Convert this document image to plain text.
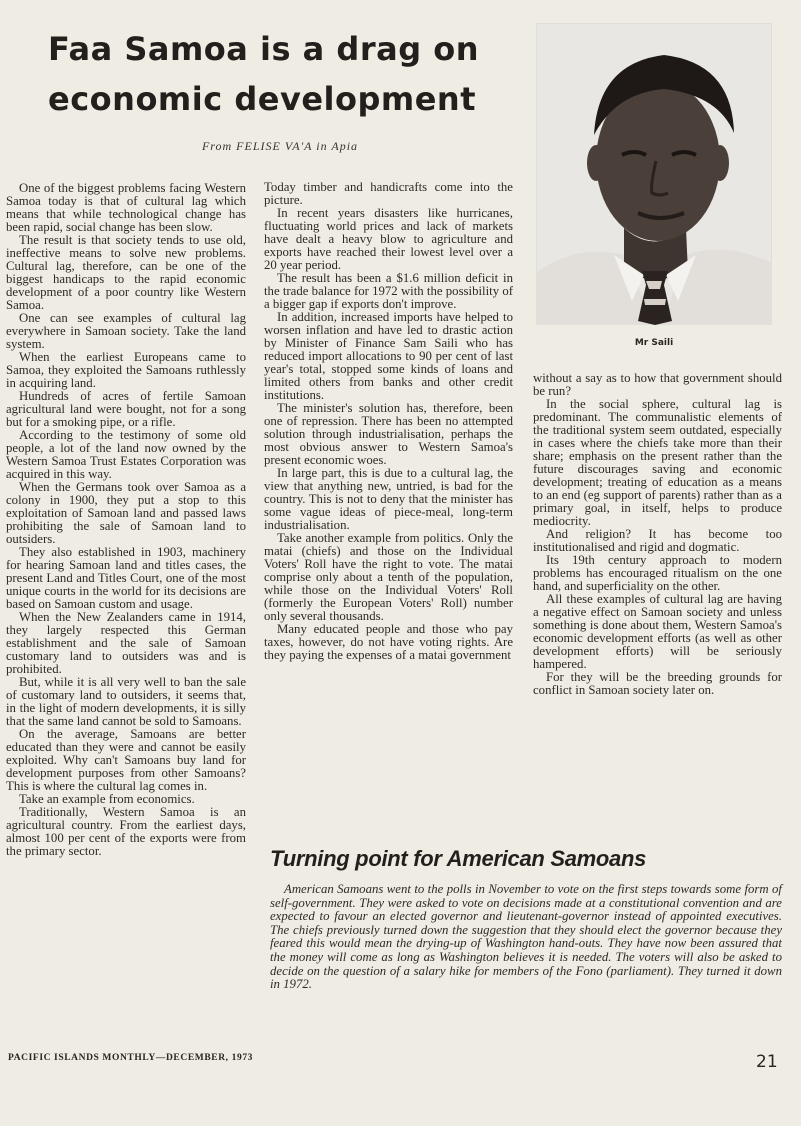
Faa Samoa is a drag on economic development
From FELISE VA'A in Apia

One of the biggest problems facing Western Samoa today is that of cultural lag which means that while technological change has been rapid, social change has been slow.

The result is that society tends to use old, ineffective means to solve new problems. Cultural lag, therefore, can be one of the biggest handicaps to the rapid economic development of a poor country like Western Samoa.

One can see examples of cultural lag everywhere in Samoan society. Take the land system.

When the earliest Europeans came to Samoa, they exploited the Samoans ruthlessly in acquiring land.

Hundreds of acres of fertile Samoan agricultural land were bought, not for a song but for a smoking pipe, or a rifle.

According to the testimony of some old people, a lot of the land now owned by the Western Samoa Trust Estates Corporation was acquired in this way.

When the Germans took over Samoa as a colony in 1900, they put a stop to this exploitation of Samoan land and passed laws prohibiting the sale of Samoan land to outsiders.

They also established in 1903, machinery for hearing Samoan land and titles cases, the present Land and Titles Court, one of the most unique courts in the world for its decisions are based on Samoan custom and usage.

When the New Zealanders came in 1914, they largely respected this German establishment and the sale of Samoan customary land to outsiders was and is prohibited.

But, while it is all very well to ban the sale of customary land to outsiders, it seems that, in the light of modern developments, it is silly that the same land cannot be sold to Samoans.

On the average, Samoans are better educated than they were and cannot be easily exploited. Why can't Samoans buy land for development purposes from other Samoans? This is where the cultural lag comes in.

Take an example from economics.

Traditionally, Western Samoa is an agricultural country. From the earliest days, almost 100 per cent of the exports were from the primary sector.

Today timber and handicrafts come into the picture.

In recent years disasters like hurricanes, fluctuating world prices and lack of markets have dealt a heavy blow to agriculture and exports have reached their lowest level over a 20 year period.

The result has been a $1.6 million deficit in the trade balance for 1972 with the possibility of a bigger gap if exports don't improve.

In addition, increased imports have helped to worsen inflation and have led to drastic action by Minister of Finance Sam Saili who has reduced import allocations to 90 per cent of last year's total, stopped some kinds of loans and limited others from banks and other credit institutions.

The minister's solution has, therefore, been one of repression. There has been no attempted solution through industrialisation, perhaps the most obvious answer to Western Samoa's present economic woes.

In large part, this is due to a cultural lag, the view that anything new, untried, is bad for the country. This is not to deny that the minister has some vague ideas of piece-meal, long-term industrialisation.

Take another example from politics. Only the matai (chiefs) and those on the Individual Voters' Roll have the right to vote. The matai comprise only about a tenth of the population, while those on the Individual Voters' Roll (formerly the European Voters' Roll) number only several thousands.

Many educated people and those who pay taxes, however, do not have voting rights. Are they paying the expenses of a matai government

Mr Saili

without a say as to how that government should be run?

In the social sphere, cultural lag is predominant. The communalistic elements of the traditional system seem outdated, especially in cases where the chiefs take more than their share; emphasis on the present rather than the future discourages saving and economic development; treating of education as a means to an end (eg support of parents) rather than as a primary goal, in itself, helps to produce mediocrity.

And religion? It has become too institutionalised and rigid and dogmatic.

Its 19th century approach to modern problems has encouraged ritualism on the one hand, and superficiality on the other.

All these examples of cultural lag are having a negative effect on Samoan society and unless something is done about them, Western Samoa's economic development efforts (as well as other development efforts) will be seriously hampered.

For they will be the breeding grounds for conflict in Samoan society later on.

Turning point for American Samoans

American Samoans went to the polls in November to vote on the first steps towards some form of self-government. They were asked to vote on decisions made at a constitutional convention and are expected to favour an elected governor and lieutenant-governor instead of appointed executives. The chiefs previously turned down the suggestion that they should elect the governor because they feared this would mean the drying-up of Washington hand-outs. They have now been assured that the money will come as long as Washington believes it is needed. The voters will also be asked to decide on the question of a salary hike for members of the Fono (parliament). They turned it down in 1972.

PACIFIC ISLANDS MONTHLY—DECEMBER, 1973	21
